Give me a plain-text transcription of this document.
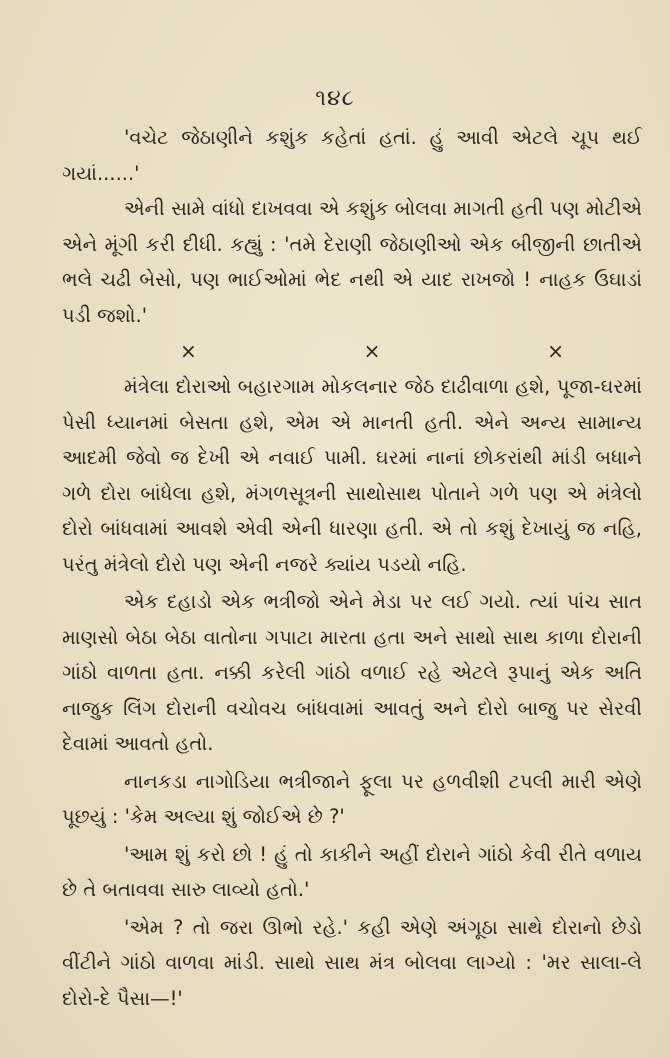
૧૪૮

'વચેટ જેઠાણીને કશુંક કહેતાં હતાં. હું આવી એટલે ચૂપ થઈ ગયાં......'

એની સામે વાંધો દાખવવા એ કશુંક બોલવા માગતી હતી પણ મોટીએ એને મૂંગી કરી દીધી. કહ્યું : 'તમે દેરાણી જેઠાણીઓ એક બીજીની છાતીએ ભલે ચઢી બેસો, પણ ભાઈઓમાં ભેદ નથી એ યાદ રાખજો ! નાહક ઉઘાડાં પડી જશો.'

×	×	×

મંત્રેલા દોરાઓ બહારગામ મોકલનાર જેઠ દાઢીવાળા હશે, પૂજા-ઘરમાં પેસી ધ્યાનમાં બેસતા હશે, એમ એ માનતી હતી. એને અન્ય સામાન્ય આદમી જેવો જ દેખી એ નવાઈ પામી. ઘરમાં નાનાં છોકરાંથી માંડી બધાને ગળે દોરા બાંધેલા હશે, મંગળસૂત્રની સાથોસાથ પોતાને ગળે પણ એ મંત્રેલો દોરો બાંધવામાં આવશે એવી એની ધારણા હતી. એ તો કશું દેખાયું જ નહિ, પરંતુ મંત્રેલો દોરો પણ એની નજરે ક્યાંય પડયો નહિ.

એક દહાડો એક ભત્રીજો એને મેડા પર લઈ ગયો. ત્યાં પાંચ સાત માણસો બેઠા બેઠા વાતોના ગપાટા મારતા હતા અને સાથો સાથ કાળા દોરાની ગાંઠો વાળતા હતા. નક્કી કરેલી ગાંઠો વળાઈ રહે એટલે રૂપાનું એક અતિ નાજુક લિંગ દોરાની વચોવચ બાંધવામાં આવતું અને દોરો બાજુ પર સેરવી દેવામાં આવતો હતો.

નાનકડા નાગોડિયા ભત્રીજાને ફૂલા પર હળવીશી ટપલી મારી એણે પૂછયું : 'કેમ અલ્યા શું જોઈએ છે ?'

'આમ શું કરો છો ! હું તો કાકીને અહીં દોરાને ગાંઠો કેવી રીતે વળાય છે તે બતાવવા સારુ લાવ્યો હતો.'

'એમ ? તો જરા ઊભો રહે.' કહી એણે અંગૂઠા સાથે દોરાનો છેડો વીંટીને ગાંઠો વાળવા માંડી. સાથો સાથ મંત્ર બોલવા લાગ્યો : 'મર સાલા-લે દોરો-દે પૈસા—!'
